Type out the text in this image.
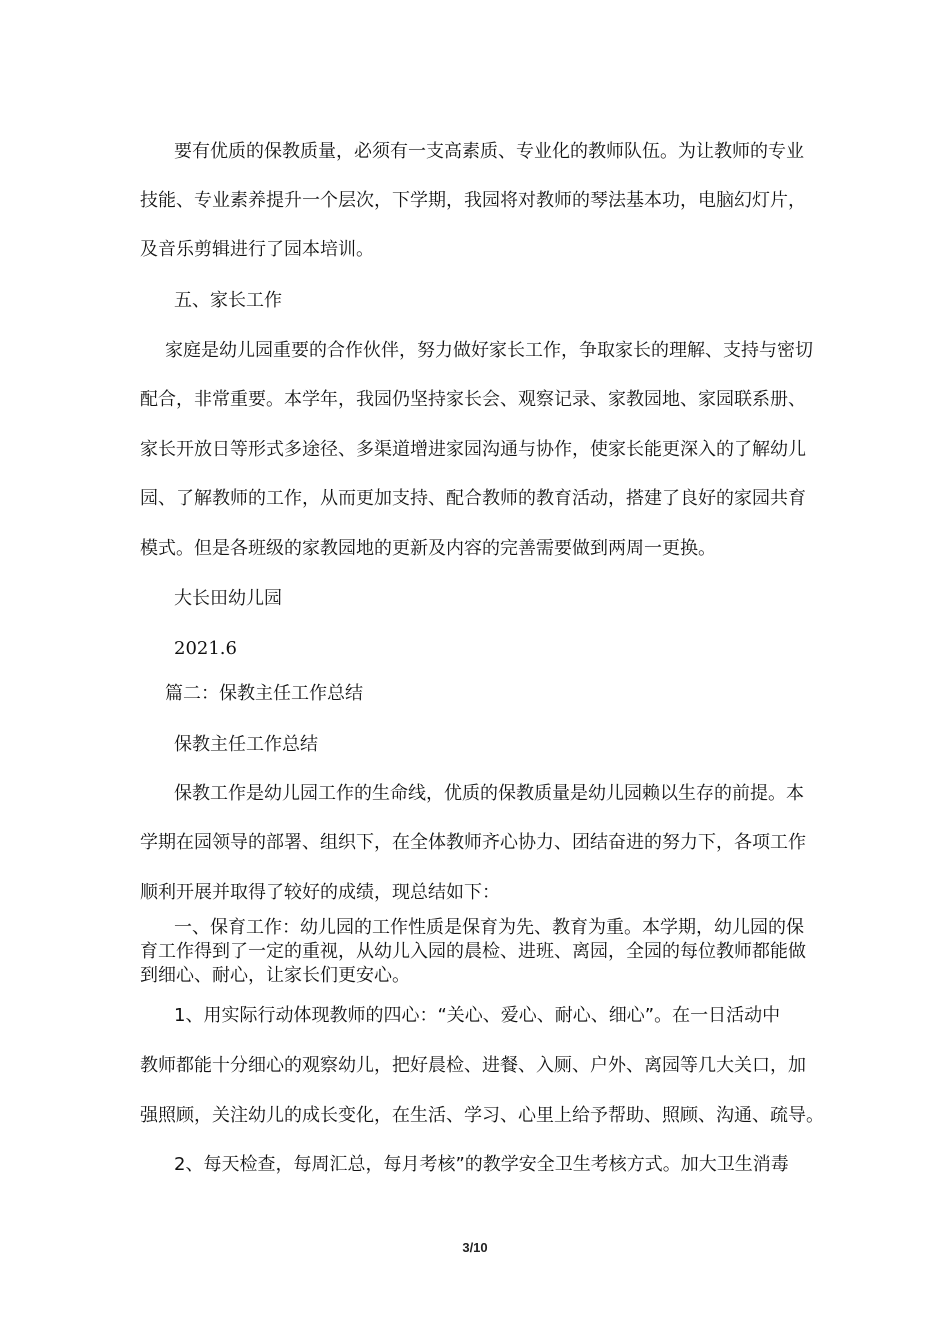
要有优质的保教质量，必须有一支高素质、专业化的教师队伍。为让教师的专业
技能、专业素养提升一个层次，下学期，我园将对教师的琴法基本功，电脑幻灯片，
及音乐剪辑进行了园本培训。
五、家长工作
家庭是幼儿园重要的合作伙伴，努力做好家长工作，争取家长的理解、支持与密切
配合，非常重要。本学年，我园仍坚持家长会、观察记录、家教园地、家园联系册、
家长开放日等形式多途径、多渠道增进家园沟通与协作，使家长能更深入的了解幼儿
园、了解教师的工作，从而更加支持、配合教师的教育活动，搭建了良好的家园共育
模式。但是各班级的家教园地的更新及内容的完善需要做到两周一更换。
大长田幼儿园
2021.6
篇二：保教主任工作总结
保教主任工作总结
保教工作是幼儿园工作的生命线，优质的保教质量是幼儿园赖以生存的前提。本
学期在园领导的部署、组织下，在全体教师齐心协力、团结奋进的努力下，各项工作
顺利开展并取得了较好的成绩，现总结如下：
一、保育工作：幼儿园的工作性质是保育为先、教育为重。本学期，幼儿园的保
育工作得到了一定的重视，从幼儿入园的晨检、进班、离园，全园的每位教师都能做
到细心、耐心，让家长们更安心。
1、用实际行动体现教师的四心：“关心、爱心、耐心、细心”。在一日活动中
教师都能十分细心的观察幼儿，把好晨检、进餐、入厕、户外、离园等几大关口，加
强照顾，关注幼儿的成长变化，在生活、学习、心里上给予帮助、照顾、沟通、疏导。
2、每天检查，每周汇总，每月考核”的教学安全卫生考核方式。加大卫生消毒
3/10
